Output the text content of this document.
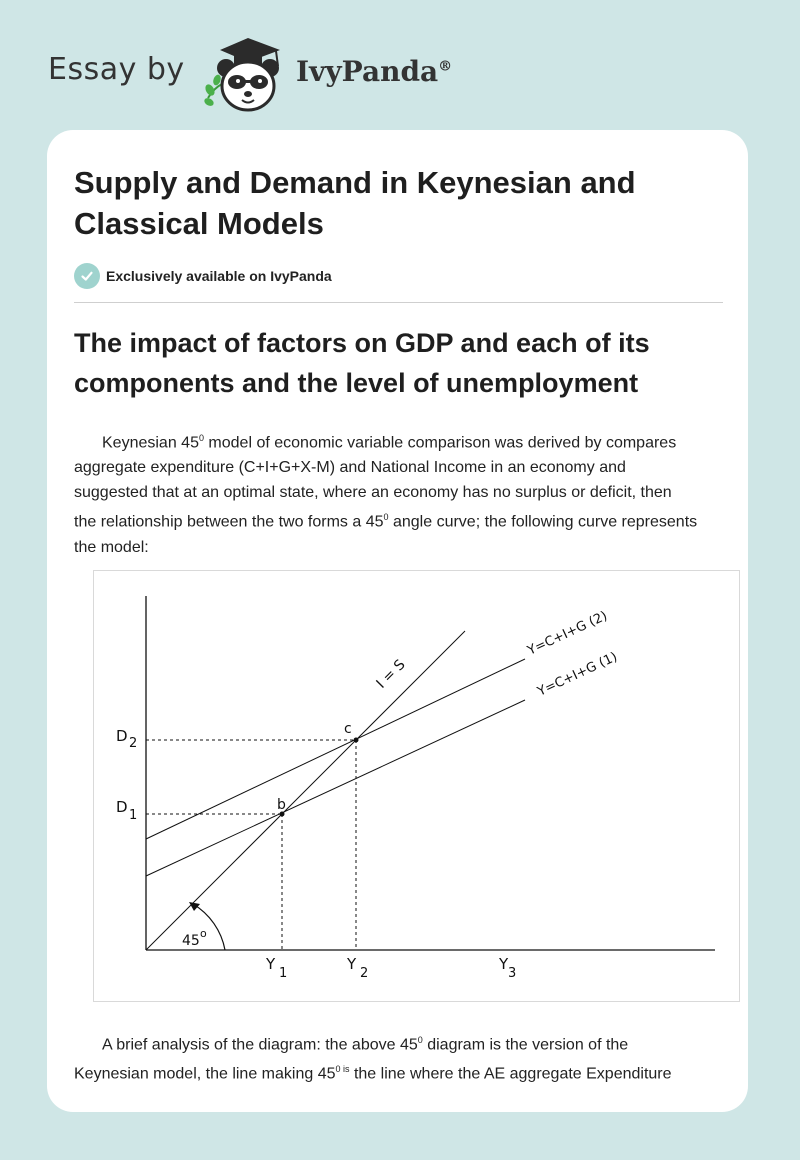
Essay by	IvyPanda®
Supply and Demand in Keynesian and Classical Models
Exclusively available on IvyPanda
The impact of factors on GDP and each of its components and the level of unemployment

Keynesian $45^0$ model of economic variable comparison was derived by compares
aggregate expenditure (C+I+G+X-M) and National Income in an economy and
suggested that at an optimal state, where an economy has no surplus or deficit, then
the relationship between the two forms a $45^0$ angle curve; the following curve represents
the model:

I = S
Y=C+I+G (2)
Y=C+I+G (1)
D 2
D 1
Y
1
Y
2
Y
3
b
c
45 o

A brief analysis of the diagram: the above $45^0$ diagram is the version of the
Keynesian model, the line making $45^{0 is}$ the line where the AE aggregate Expenditure
